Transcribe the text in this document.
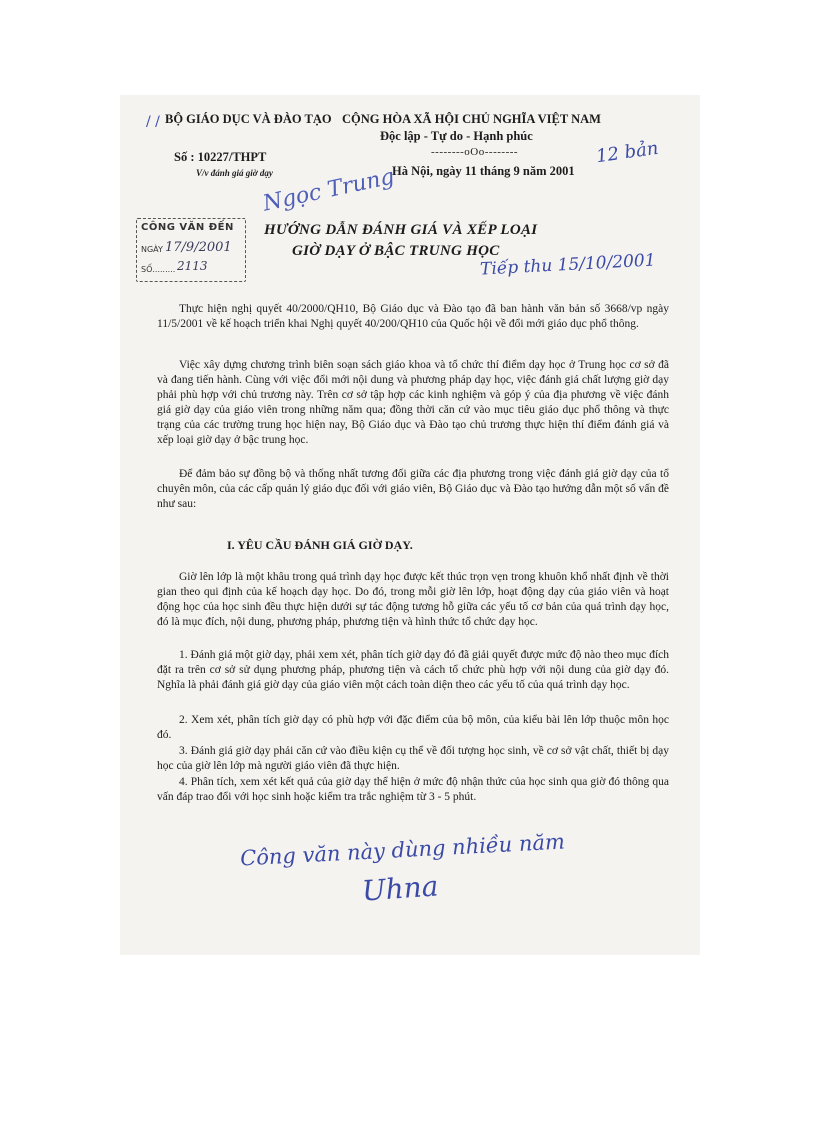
/ / BỘ GIÁO DỤC VÀ ĐÀO TẠO CỘNG HÒA XÃ HỘI CHỦ NGHĨA VIỆT NAM
Độc lập - Tự do - Hạnh phúc
--------oOo--------
Số : 10227/THPT
V/v đánh giá giờ dạy	Hà Nội, ngày 11 tháng 9 năm 2001
12 bản
Ngọc Trung
CÔNG VĂN ĐẾN
NGÀY 17/9/2001
SỐ......... 2113
HƯỚNG DẪN ĐÁNH GIÁ VÀ XẾP LOẠI
GIỜ DẠY Ở BẬC TRUNG HỌC
Tiếp thu 15/10/2001

Thực hiện nghị quyết 40/2000/QH10, Bộ Giáo dục và Đào tạo đã ban hành văn bản số 3668/vp ngày 11/5/2001 về kế hoạch triển khai Nghị quyết 40/200/QH10 của Quốc hội về đổi mới giáo dục phổ thông.

Việc xây dựng chương trình biên soạn sách giáo khoa và tổ chức thí điểm dạy học ở Trung học cơ sở đã và đang tiến hành. Cùng với việc đổi mới nội dung và phương pháp dạy học, việc đánh giá chất lượng giờ dạy phải phù hợp với chủ trương này. Trên cơ sở tập hợp các kinh nghiệm và góp ý của địa phương về việc đánh giá giờ dạy của giáo viên trong những năm qua; đồng thời căn cứ vào mục tiêu giáo dục phổ thông và thực trạng của các trường trung học hiện nay, Bộ Giáo dục và Đào tạo chủ trương thực hiện thí điểm đánh giá và xếp loại giờ dạy ở bậc trung học.

Để đảm bảo sự đồng bộ và thống nhất tương đối giữa các địa phương trong việc đánh giá giờ dạy của tổ chuyên môn, của các cấp quản lý giáo dục đối với giáo viên, Bộ Giáo dục và Đào tạo hướng dẫn một số vấn đề như sau:

I. YÊU CẦU ĐÁNH GIÁ GIỜ DẠY.

Giờ lên lớp là một khâu trong quá trình dạy học được kết thúc trọn vẹn trong khuôn khổ nhất định về thời gian theo qui định của kế hoạch dạy học. Do đó, trong mỗi giờ lên lớp, hoạt động dạy của giáo viên và hoạt động học của học sinh đều thực hiện dưới sự tác động tương hỗ giữa các yếu tố cơ bản của quá trình dạy học, đó là mục đích, nội dung, phương pháp, phương tiện và hình thức tổ chức dạy học.

1. Đánh giá một giờ dạy, phải xem xét, phân tích giờ dạy đó đã giải quyết được mức độ nào theo mục đích đặt ra trên cơ sở sử dụng phương pháp, phương tiện và cách tổ chức phù hợp với nội dung của giờ dạy đó. Nghĩa là phải đánh giá giờ dạy của giáo viên một cách toàn diện theo các yếu tố của quá trình dạy học.

2. Xem xét, phân tích giờ dạy có phù hợp với đặc điểm của bộ môn, của kiểu bài lên lớp thuộc môn học đó.

3. Đánh giá giờ dạy phải căn cứ vào điều kiện cụ thể về đối tượng học sinh, về cơ sở vật chất, thiết bị dạy học của giờ lên lớp mà người giáo viên đã thực hiện.

4. Phân tích, xem xét kết quả của giờ dạy thể hiện ở mức độ nhận thức của học sinh qua giờ đó thông qua vấn đáp trao đổi với học sinh hoặc kiểm tra trắc nghiệm từ 3 - 5 phút.

Công văn này dùng nhiều năm
Uhna
